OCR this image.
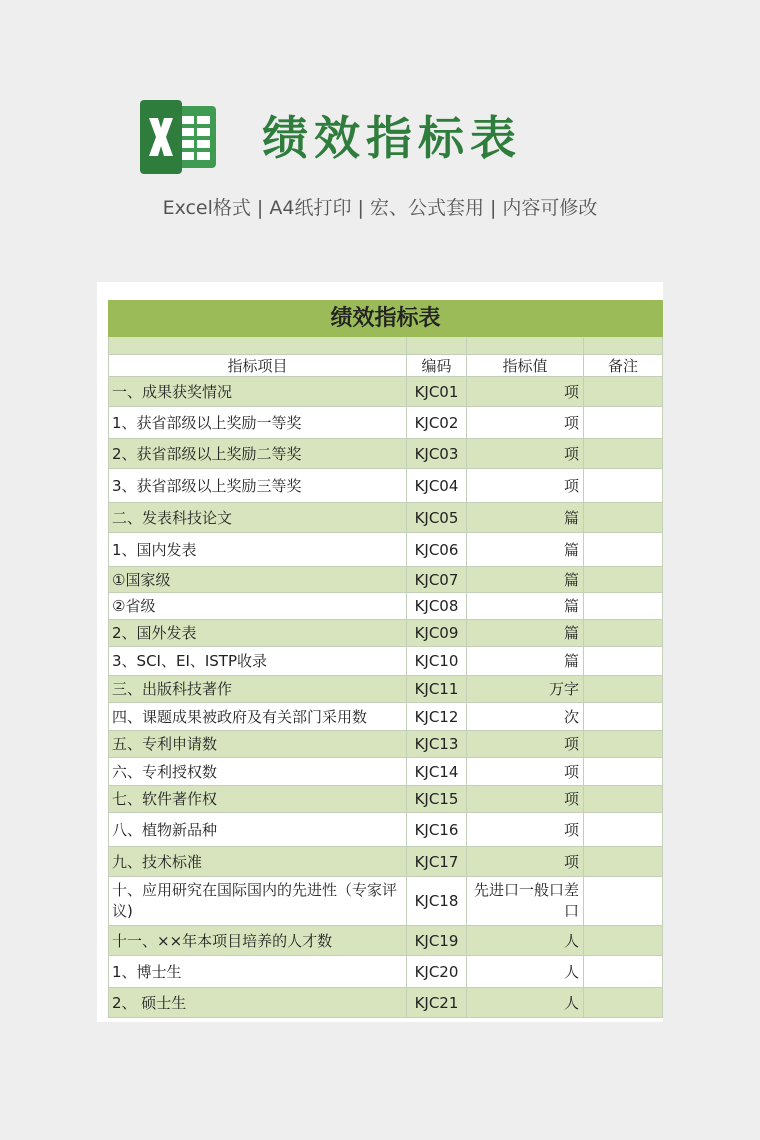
绩效指标表
Excel格式 | A4纸打印 | 宏、公式套用 | 内容可修改
绩效指标表			

指标项目	编码	指标值	备注
一、成果获奖情况	KJC01	项	
1、获省部级以上奖励一等奖	KJC02	项	
2、获省部级以上奖励二等奖	KJC03	项	
3、获省部级以上奖励三等奖	KJC04	项	
二、发表科技论文	KJC05	篇	
1、国内发表	KJC06	篇	
①国家级	KJC07	篇	
②省级	KJC08	篇	
2、国外发表	KJC09	篇	
3、SCI、EI、ISTP收录	KJC10	篇	
三、出版科技著作	KJC11	万字	
四、课题成果被政府及有关部门采用数	KJC12	次	
五、专利申请数	KJC13	项	
六、专利授权数	KJC14	项	
七、软件著作权	KJC15	项	
八、植物新品种	KJC16	项	
九、技术标准	KJC17	项	
十、应用研究在国际国内的先进性（专家评议)	KJC18	先进口一般口差口	
十一、××年本项目培养的人才数	KJC19	人	
1、博士生	KJC20	人	
2、 硕士生	KJC21	人	
